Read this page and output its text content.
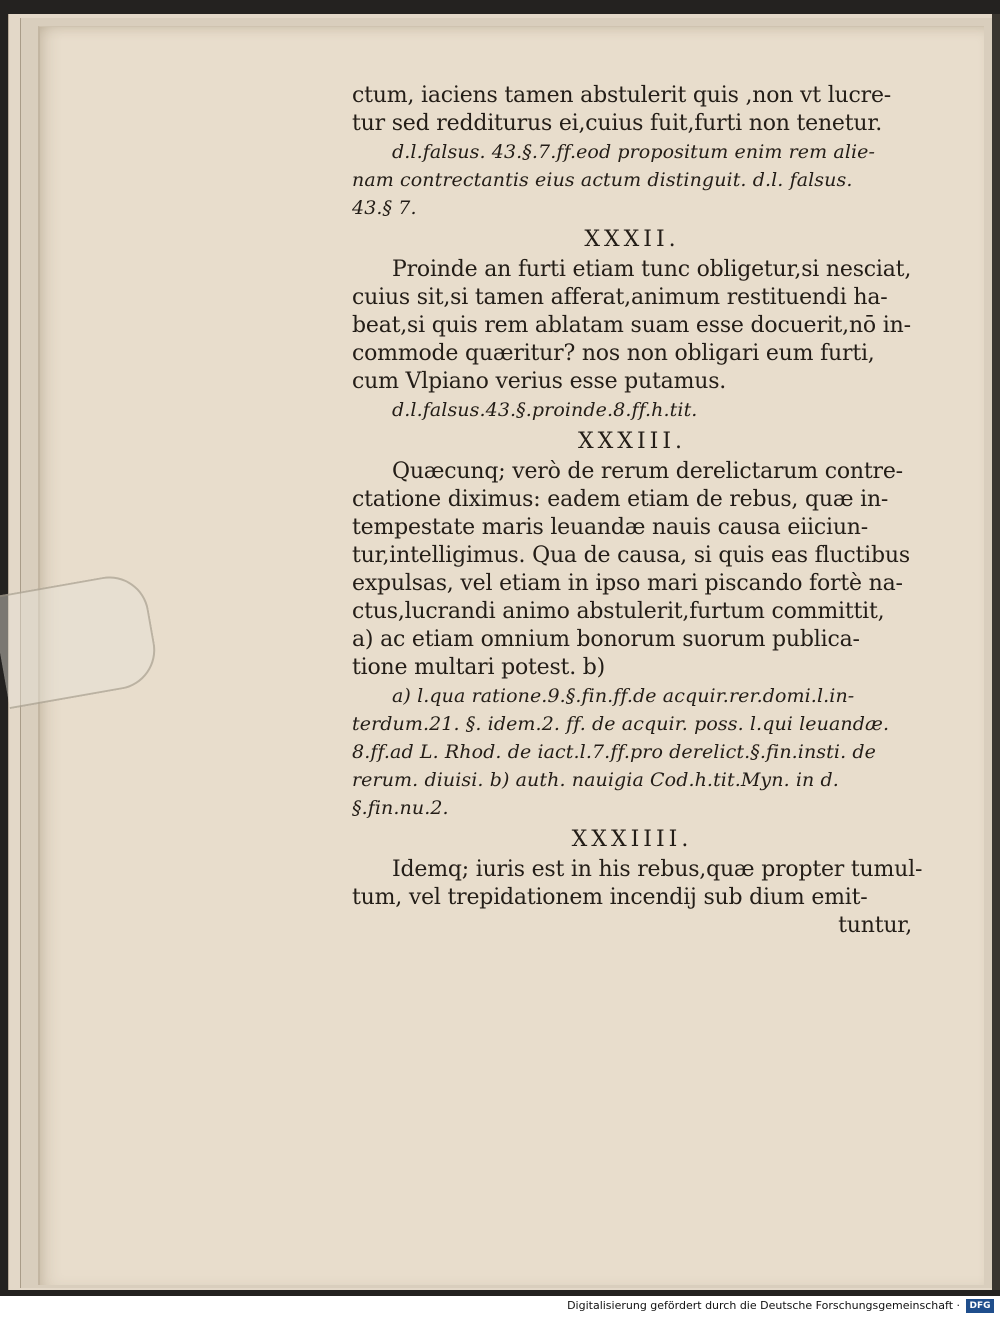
ctum, iaciens tamen abstulerit quis ,non vt lucre-
tur sed redditurus ei,cuius fuit,furti non tenetur.
d.l.falsus. 43.§.7.ff.eod propositum enim rem alie-
nam contrectantis eius actum distinguit. d.l. falsus.
43.§ 7.
XXXII.
Proinde an furti etiam tunc obligetur,si nesciat,
cuius sit,si tamen afferat,animum restituendi ha-
beat,si quis rem ablatam suam esse docuerit,nō in-
commode quæritur? nos non obligari eum furti,
cum Vlpiano verius esse putamus.
d.l.falsus.43.§.proinde.8.ff.h.tit.
XXXIII.
Quæcunq; verò de rerum derelictarum contre-
ctatione diximus: eadem etiam de rebus, quæ in-
tempestate maris leuandæ nauis causa eiiciun-
tur,intelligimus. Qua de causa, si quis eas fluctibus
expulsas, vel etiam in ipso mari piscando fortè na-
ctus,lucrandi animo abstulerit,furtum committit,
a) ac etiam omnium bonorum suorum publica-
tione multari potest. b)
a) l.qua ratione.9.§.fin.ff.de acquir.rer.domi.l.in-
terdum.21. §. idem.2. ff. de acquir. poss. l.qui leuandæ.
8.ff.ad L. Rhod. de iact.l.7.ff.pro derelict.§.fin.insti. de
rerum. diuisi. b) auth. nauigia Cod.h.tit.Myn. in d.
§.fin.nu.2.
XXXIIII.
Idemq; iuris est in his rebus,quæ propter tumul-
tum, vel trepidationem incendij sub dium emit-
tuntur,
Digitalisierung gefördert durch die Deutsche Forschungsgemeinschaft ·	DFG
